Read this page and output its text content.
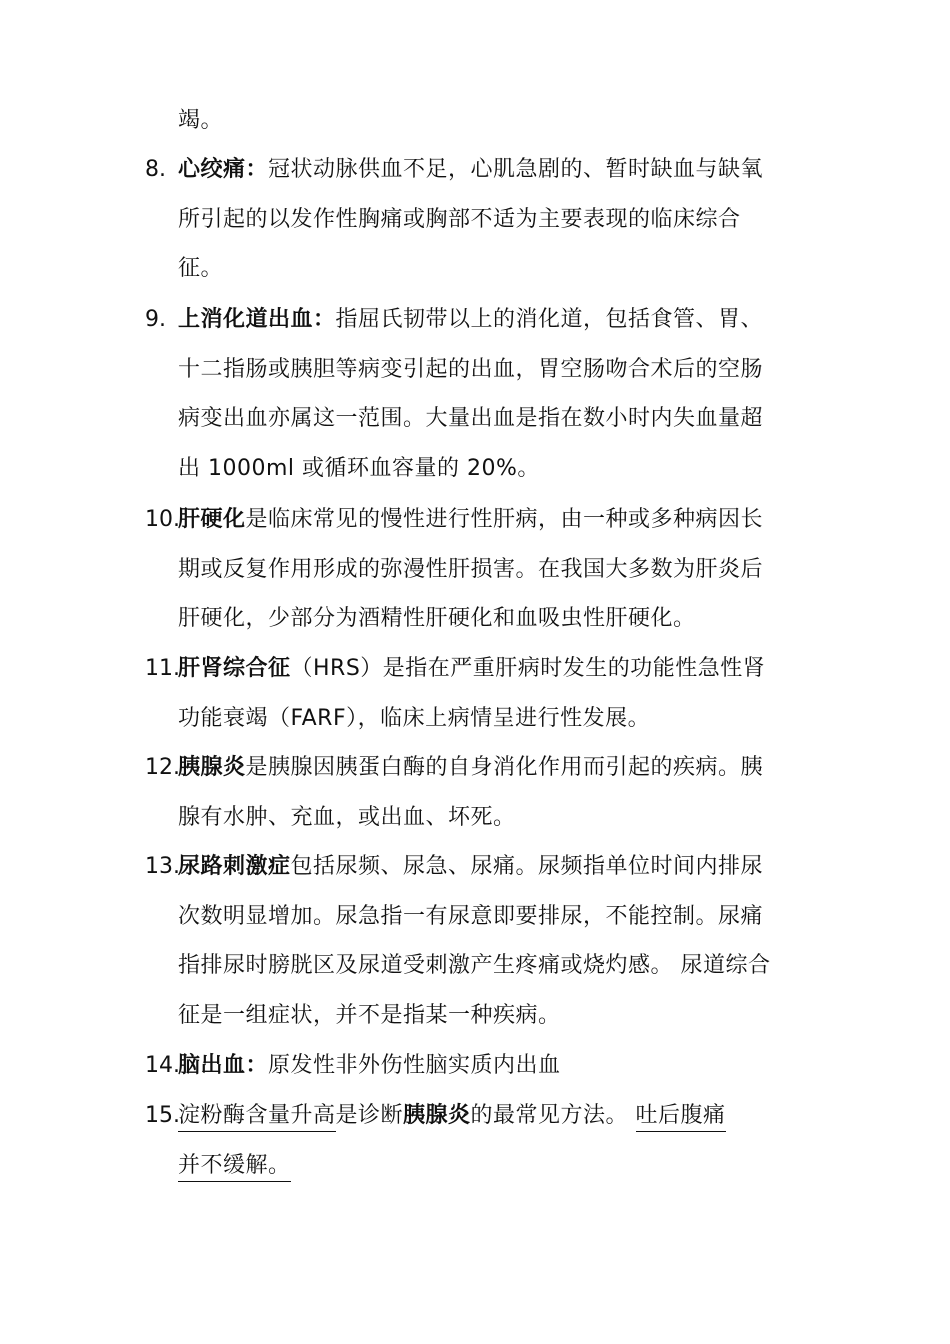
竭。
8. 心绞痛：冠状动脉供血不足，心肌急剧的、暂时缺血与缺氧
所引起的以发作性胸痛或胸部不适为主要表现的临床综合
征。
9. 上消化道出血：指屈氏韧带以上的消化道，包括食管、胃、
十二指肠或胰胆等病变引起的出血，胃空肠吻合术后的空肠
病变出血亦属这一范围。大量出血是指在数小时内失血量超
出 1000ml 或循环血容量的 20%。
10.
肝硬化是临床常见的慢性进行性肝病，由一种或多种病因长
期或反复作用形成的弥漫性肝损害。在我国大多数为肝炎后
肝硬化，少部分为酒精性肝硬化和血吸虫性肝硬化。
11.
肝肾综合征（HRS）是指在严重肝病时发生的功能性急性肾
功能衰竭（FARF），临床上病情呈进行性发展。
12.
胰腺炎是胰腺因胰蛋白酶的自身消化作用而引起的疾病。胰
腺有水肿、充血，或出血、坏死。
13.
尿路刺激症包括尿频、尿急、尿痛。尿频指单位时间内排尿
次数明显增加。尿急指一有尿意即要排尿，不能控制。尿痛
指排尿时膀胱区及尿道受刺激产生疼痛或烧灼感。 尿道综合
征是一组症状，并不是指某一种疾病。
14.
脑出血：原发性非外伤性脑实质内出血
15.
淀粉酶含量升高是诊断胰腺炎的最常见方法。 吐后腹痛
并不缓解。
